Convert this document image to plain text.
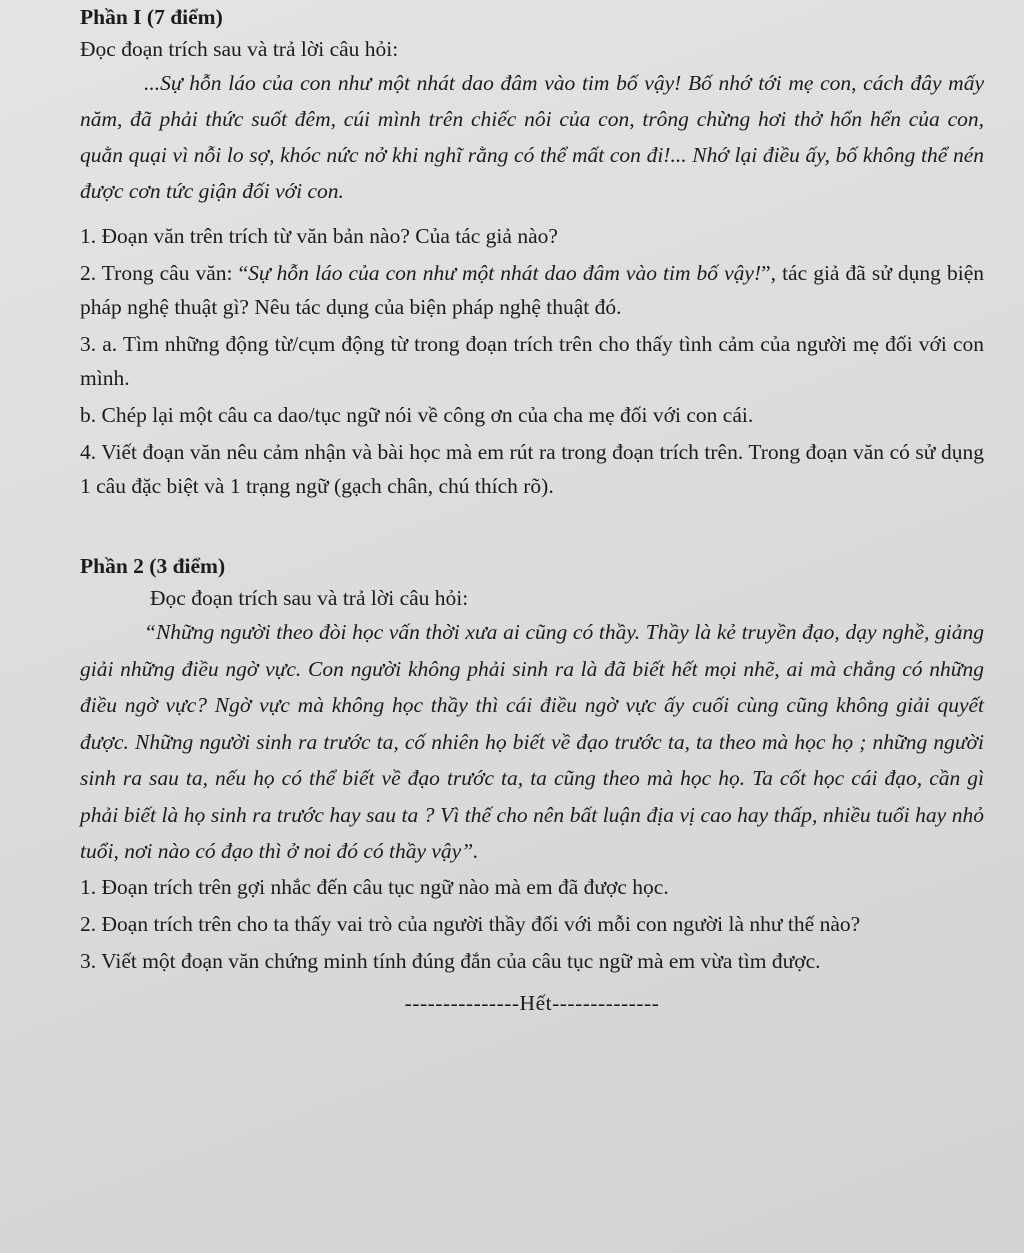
Phần I (7 điểm)

Đọc đoạn trích sau và trả lời câu hỏi:

...Sự hỗn láo của con như một nhát dao đâm vào tim bố vậy! Bố nhớ tới mẹ con, cách đây mấy năm, đã phải thức suốt đêm, cúi mình trên chiếc nôi của con, trông chừng hơi thở hổn hển của con, quằn quại vì nỗi lo sợ, khóc nức nở khi nghĩ rằng có thể mất con đi!... Nhớ lại điều ấy, bố không thể nén được cơn tức giận đối với con.

1. Đoạn văn trên trích từ văn bản nào? Của tác giả nào?
2. Trong câu văn: “Sự hỗn láo của con như một nhát dao đâm vào tim bố vậy!”, tác giả đã sử dụng biện pháp nghệ thuật gì? Nêu tác dụng của biện pháp nghệ thuật đó.
3. a. Tìm những động từ/cụm động từ trong đoạn trích trên cho thấy tình cảm của người mẹ đối với con mình.
b. Chép lại một câu ca dao/tục ngữ nói về công ơn của cha mẹ đối với con cái.
4. Viết đoạn văn nêu cảm nhận và bài học mà em rút ra trong đoạn trích trên. Trong đoạn văn có sử dụng 1 câu đặc biệt và 1 trạng ngữ (gạch chân, chú thích rõ).

Phần 2 (3 điểm)

Đọc đoạn trích sau và trả lời câu hỏi:

“Những người theo đòi học vấn thời xưa ai cũng có thầy. Thầy là kẻ truyền đạo, dạy nghề, giảng giải những điều ngờ vực. Con người không phải sinh ra là đã biết hết mọi nhẽ, ai mà chẳng có những điều ngờ vực? Ngờ vực mà không học thầy thì cái điều ngờ vực ấy cuối cùng cũng không giải quyết được. Những người sinh ra trước ta, cố nhiên họ biết về đạo trước ta, ta theo mà học họ ; những người sinh ra sau ta, nếu họ có thể biết về đạo trước ta, ta cũng theo mà học họ. Ta cốt học cái đạo, cần gì phải biết là họ sinh ra trước hay sau ta ? Vì thế cho nên bất luận địa vị cao hay thấp, nhiều tuổi hay nhỏ tuổi, nơi nào có đạo thì ở noi đó có thầy vậy”.

1. Đoạn trích trên gợi nhắc đến câu tục ngữ nào mà em đã được học.
2. Đoạn trích trên cho ta thấy vai trò của người thầy đối với mỗi con người là như thế nào?
3. Viết một đoạn văn chứng minh tính đúng đắn của câu tục ngữ mà em vừa tìm được.

---------------Hết--------------
